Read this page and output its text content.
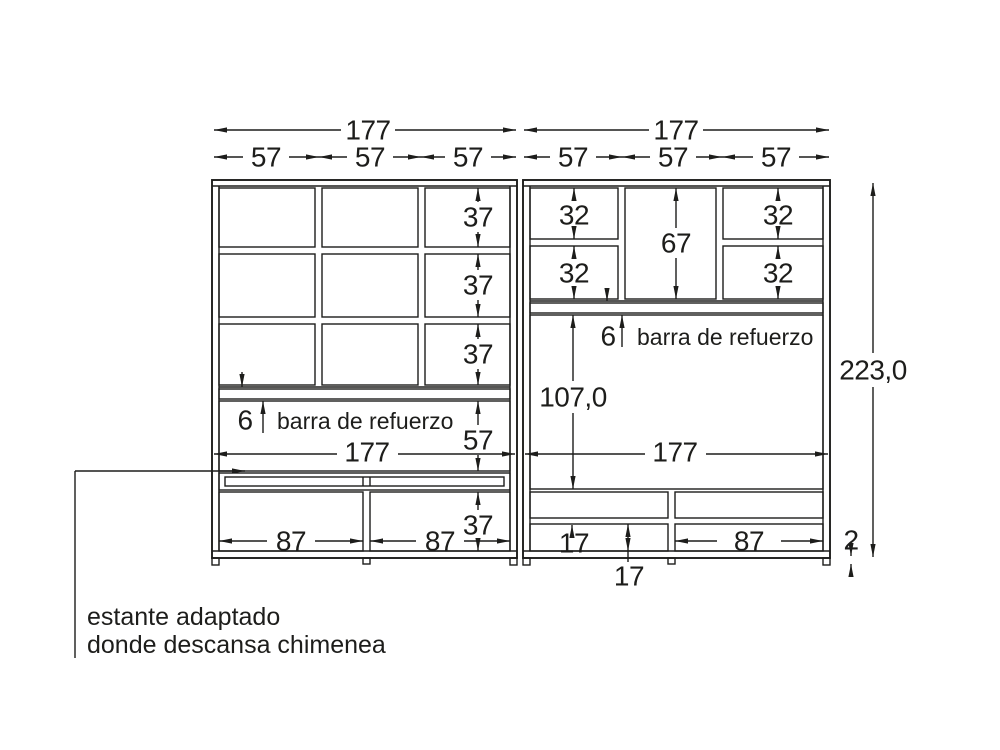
177	177
57	57 57	57 57	57
37
37
37
57
37
6 barra de refuerzo
177
87	87
32
32
67
32
32
6 barra de refuerzo
107,0
177
17
17
87
223,0
2
estante adaptado
donde descansa chimenea
